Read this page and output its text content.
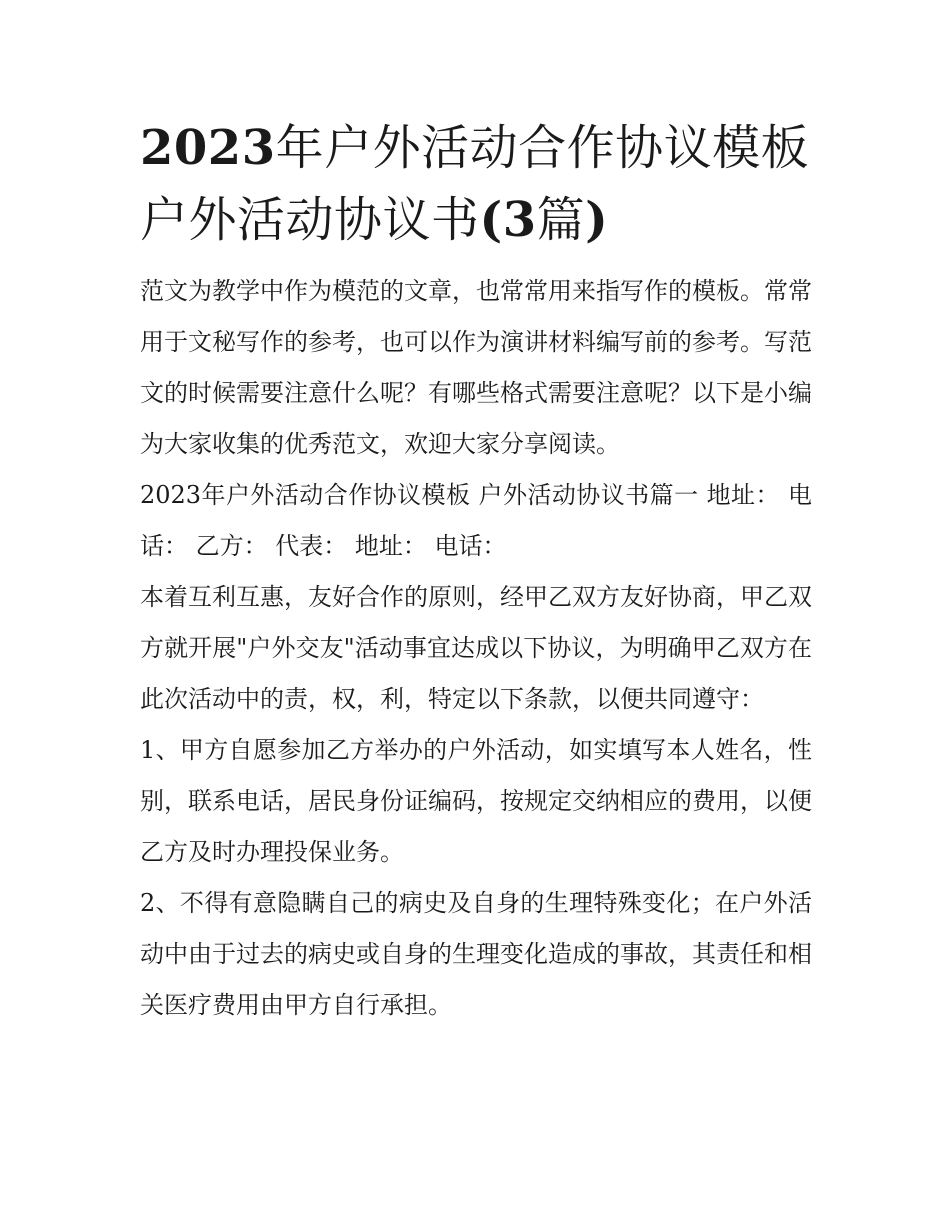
2023年户外活动合作协议模板户外活动协议书(3篇)

范文为教学中作为模范的文章，也常常用来指写作的模板。常常用于文秘写作的参考，也可以作为演讲材料编写前的参考。写范文的时候需要注意什么呢？有哪些格式需要注意呢？以下是小编为大家收集的优秀范文，欢迎大家分享阅读。

2023年户外活动合作协议模板 户外活动协议书篇一 地址： 电话： 乙方： 代表： 地址： 电话：

本着互利互惠，友好合作的原则，经甲乙双方友好协商，甲乙双方就开展"户外交友"活动事宜达成以下协议，为明确甲乙双方在此次活动中的责，权，利，特定以下条款，以便共同遵守：

1、甲方自愿参加乙方举办的户外活动，如实填写本人姓名，性别，联系电话，居民身份证编码，按规定交纳相应的费用，以便乙方及时办理投保业务。

2、不得有意隐瞒自己的病史及自身的生理特殊变化；在户外活动中由于过去的病史或自身的生理变化造成的事故，其责任和相关医疗费用由甲方自行承担。
